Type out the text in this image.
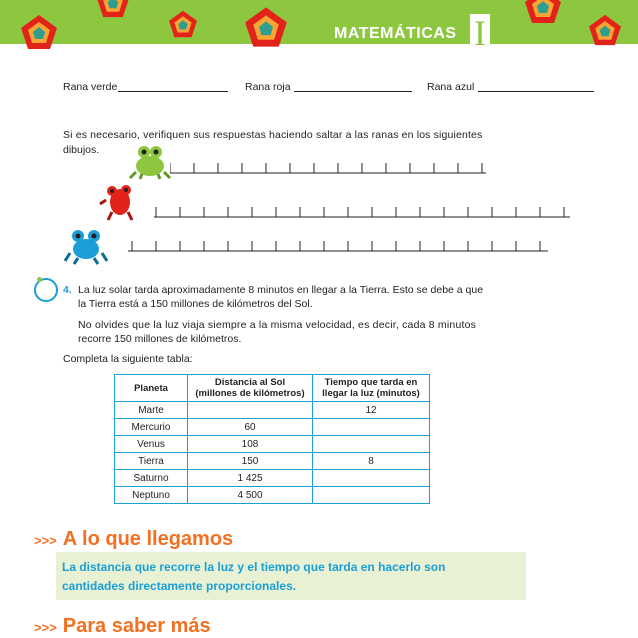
MATEMÁTICAS I
Rana verde	Rana roja	Rana azul
Si es necesario, verifiquen sus respuestas haciendo saltar a las ranas en los siguientes
dibujos.
4. La luz solar tarda aproximadamente 8 minutos en llegar a la Tierra. Esto se debe a que
la Tierra está a 150 millones de kilómetros del Sol.
No olvides que la luz viaja siempre a la misma velocidad, es decir, cada 8 minutos
recorre 150 millones de kilómetros.
Completa la siguiente tabla:
Planeta	Distancia al Sol
(millones de kilómetros)	Tiempo que tarda en
llegar la luz (minutos)
Marte		12
Mercurio	60	
Venus	108	
Tierra	150	8
Saturno	1 425	
Neptuno	4 500	
>>> A lo que llegamos
La distancia que recorre la luz y el tiempo que tarda en hacerlo son
cantidades directamente proporcionales.
>>> Para saber más
